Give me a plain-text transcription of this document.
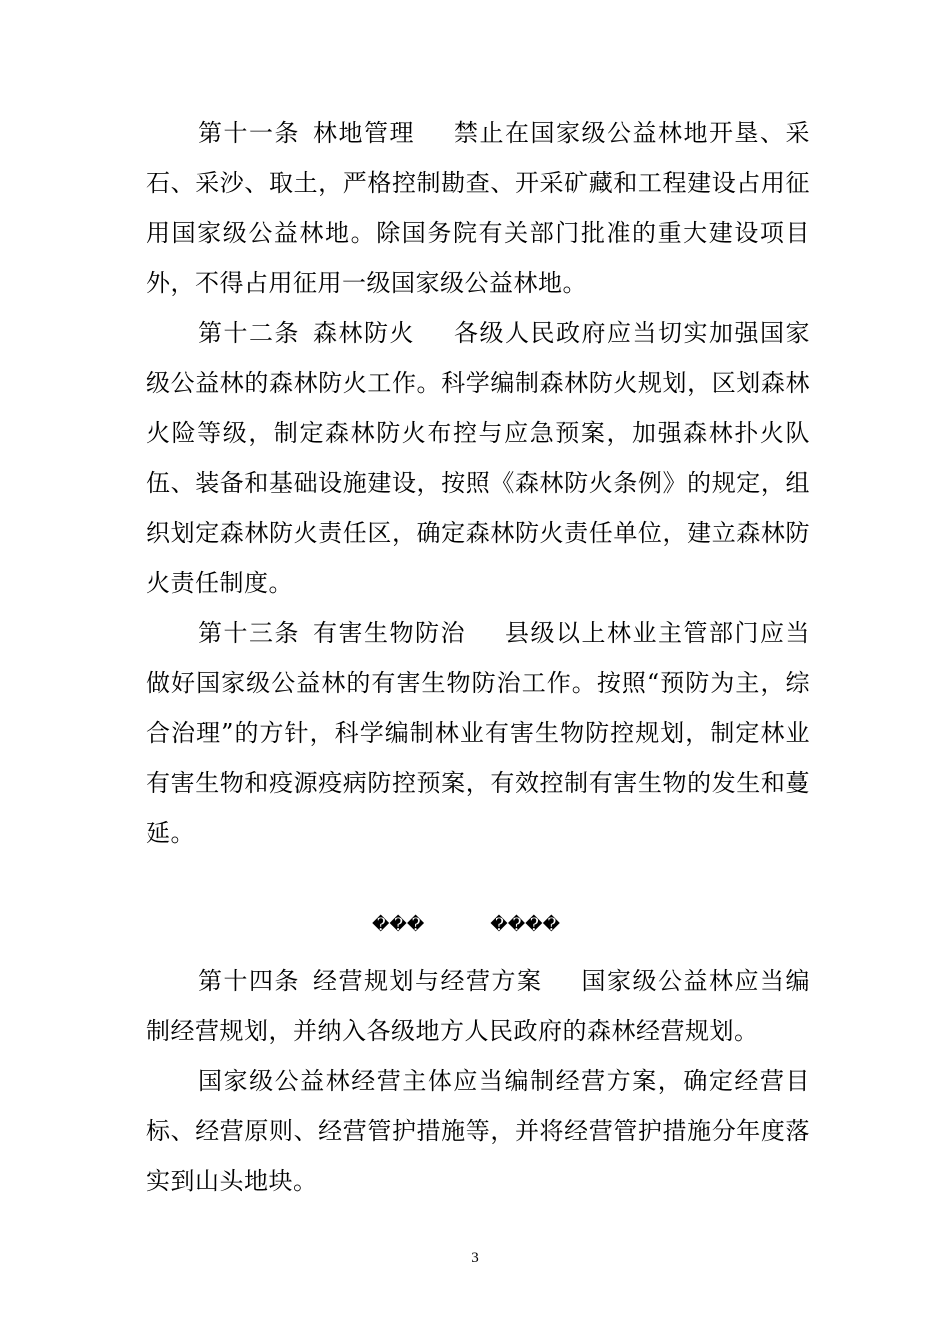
第十一条 林地管理 禁止在国家级公益林地开垦、采石、采沙、取土，严格控制勘查、开采矿藏和工程建设占用征用国家级公益林地。除国务院有关部门批准的重大建设项目外，不得占用征用一级国家级公益林地。

第十二条 森林防火 各级人民政府应当切实加强国家级公益林的森林防火工作。科学编制森林防火规划，区划森林火险等级，制定森林防火布控与应急预案，加强森林扑火队伍、装备和基础设施建设，按照《森林防火条例》的规定，组织划定森林防火责任区，确定森林防火责任单位，建立森林防火责任制度。

第十三条 有害生物防治 县级以上林业主管部门应当做好国家级公益林的有害生物防治工作。按照“预防为主，综合治理”的方针，科学编制林业有害生物防控规划，制定林业有害生物和疫源疫病防控预案，有效控制有害生物的发生和蔓延。

���	����

第十四条 经营规划与经营方案 国家级公益林应当编制经营规划，并纳入各级地方人民政府的森林经营规划。

国家级公益林经营主体应当编制经营方案，确定经营目标、经营原则、经营管护措施等，并将经营管护措施分年度落实到山头地块。

3
